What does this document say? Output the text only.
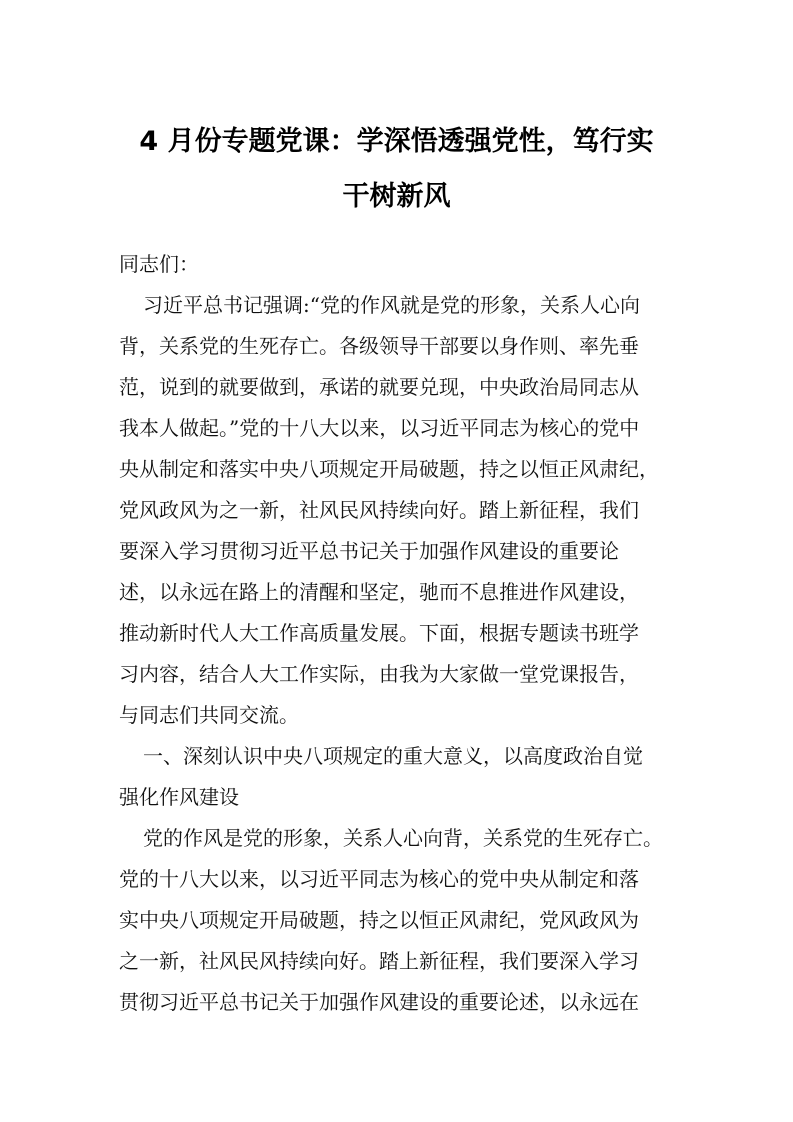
4 月份专题党课：学深悟透强党性，笃行实
干树新风
同志们：
习近平总书记强调:“党的作风就是党的形象，关系人心向
背，关系党的生死存亡。各级领导干部要以身作则、率先垂
范，说到的就要做到，承诺的就要兑现，中央政治局同志从
我本人做起。”党的十八大以来，以习近平同志为核心的党中
央从制定和落实中央八项规定开局破题，持之以恒正风肃纪，
党风政风为之一新，社风民风持续向好。踏上新征程，我们
要深入学习贯彻习近平总书记关于加强作风建设的重要论
述，以永远在路上的清醒和坚定，驰而不息推进作风建设，
推动新时代人大工作高质量发展。下面，根据专题读书班学
习内容，结合人大工作实际，由我为大家做一堂党课报告，
与同志们共同交流。
一、深刻认识中央八项规定的重大意义，以高度政治自觉
强化作风建设
党的作风是党的形象，关系人心向背，关系党的生死存亡。
党的十八大以来，以习近平同志为核心的党中央从制定和落
实中央八项规定开局破题，持之以恒正风肃纪，党风政风为
之一新，社风民风持续向好。踏上新征程，我们要深入学习
贯彻习近平总书记关于加强作风建设的重要论述，以永远在
